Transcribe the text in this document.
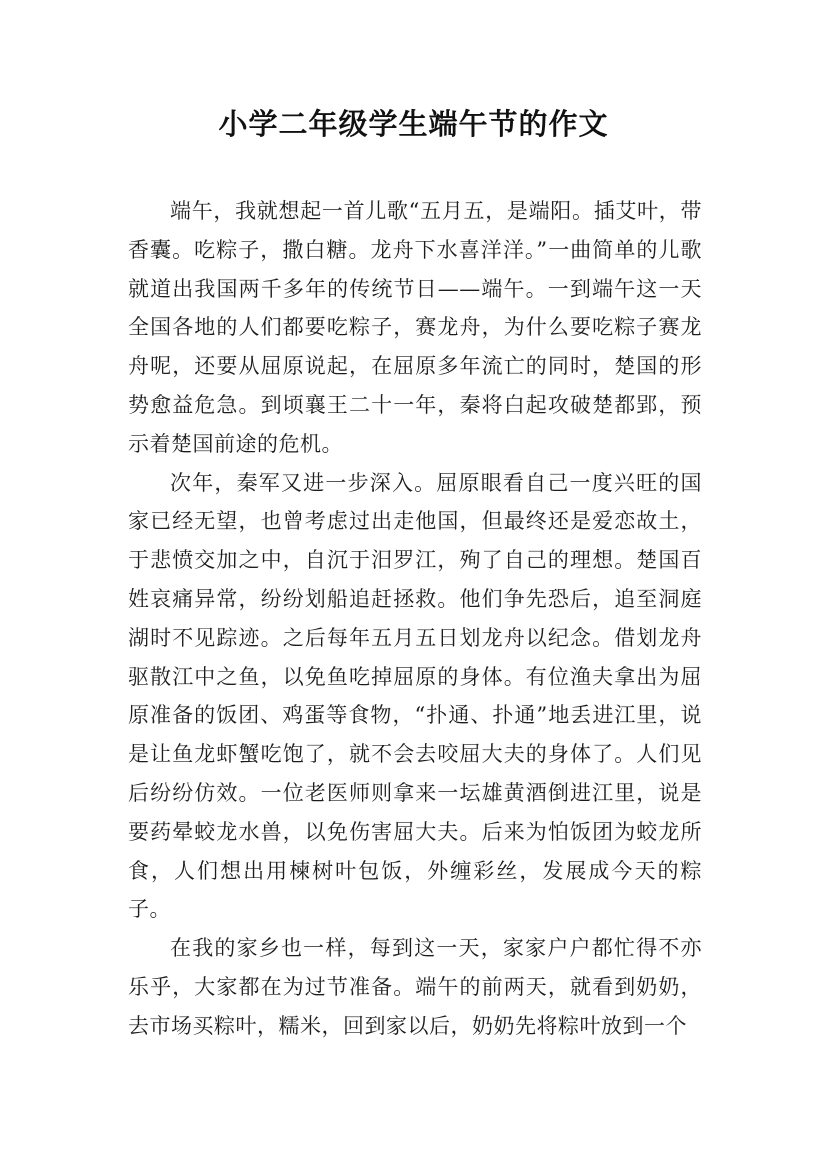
小学二年级学生端午节的作文

端午，我就想起一首儿歌“五月五，是端阳。插艾叶，带香囊。吃粽子，撒白糖。龙舟下水喜洋洋。”一曲简单的儿歌就道出我国两千多年的传统节日——端午。一到端午这一天全国各地的人们都要吃粽子，赛龙舟，为什么要吃粽子赛龙舟呢，还要从屈原说起，在屈原多年流亡的同时，楚国的形势愈益危急。到顷襄王二十一年，秦将白起攻破楚都郢，预示着楚国前途的危机。

次年，秦军又进一步深入。屈原眼看自己一度兴旺的国家已经无望，也曾考虑过出走他国，但最终还是爱恋故土，于悲愤交加之中，自沉于汨罗江，殉了自己的理想。楚国百姓哀痛异常，纷纷划船追赶拯救。他们争先恐后，追至洞庭湖时不见踪迹。之后每年五月五日划龙舟以纪念。借划龙舟驱散江中之鱼，以免鱼吃掉屈原的身体。有位渔夫拿出为屈原准备的饭团、鸡蛋等食物，“扑通、扑通”地丢进江里，说是让鱼龙虾蟹吃饱了，就不会去咬屈大夫的身体了。人们见后纷纷仿效。一位老医师则拿来一坛雄黄酒倒进江里，说是要药晕蛟龙水兽，以免伤害屈大夫。后来为怕饭团为蛟龙所食，人们想出用楝树叶包饭，外缠彩丝，发展成今天的粽子。

在我的家乡也一样，每到这一天，家家户户都忙得不亦乐乎，大家都在为过节准备。端午的前两天，就看到奶奶，去市场买粽叶，糯米，回到家以后，奶奶先将粽叶放到一个
